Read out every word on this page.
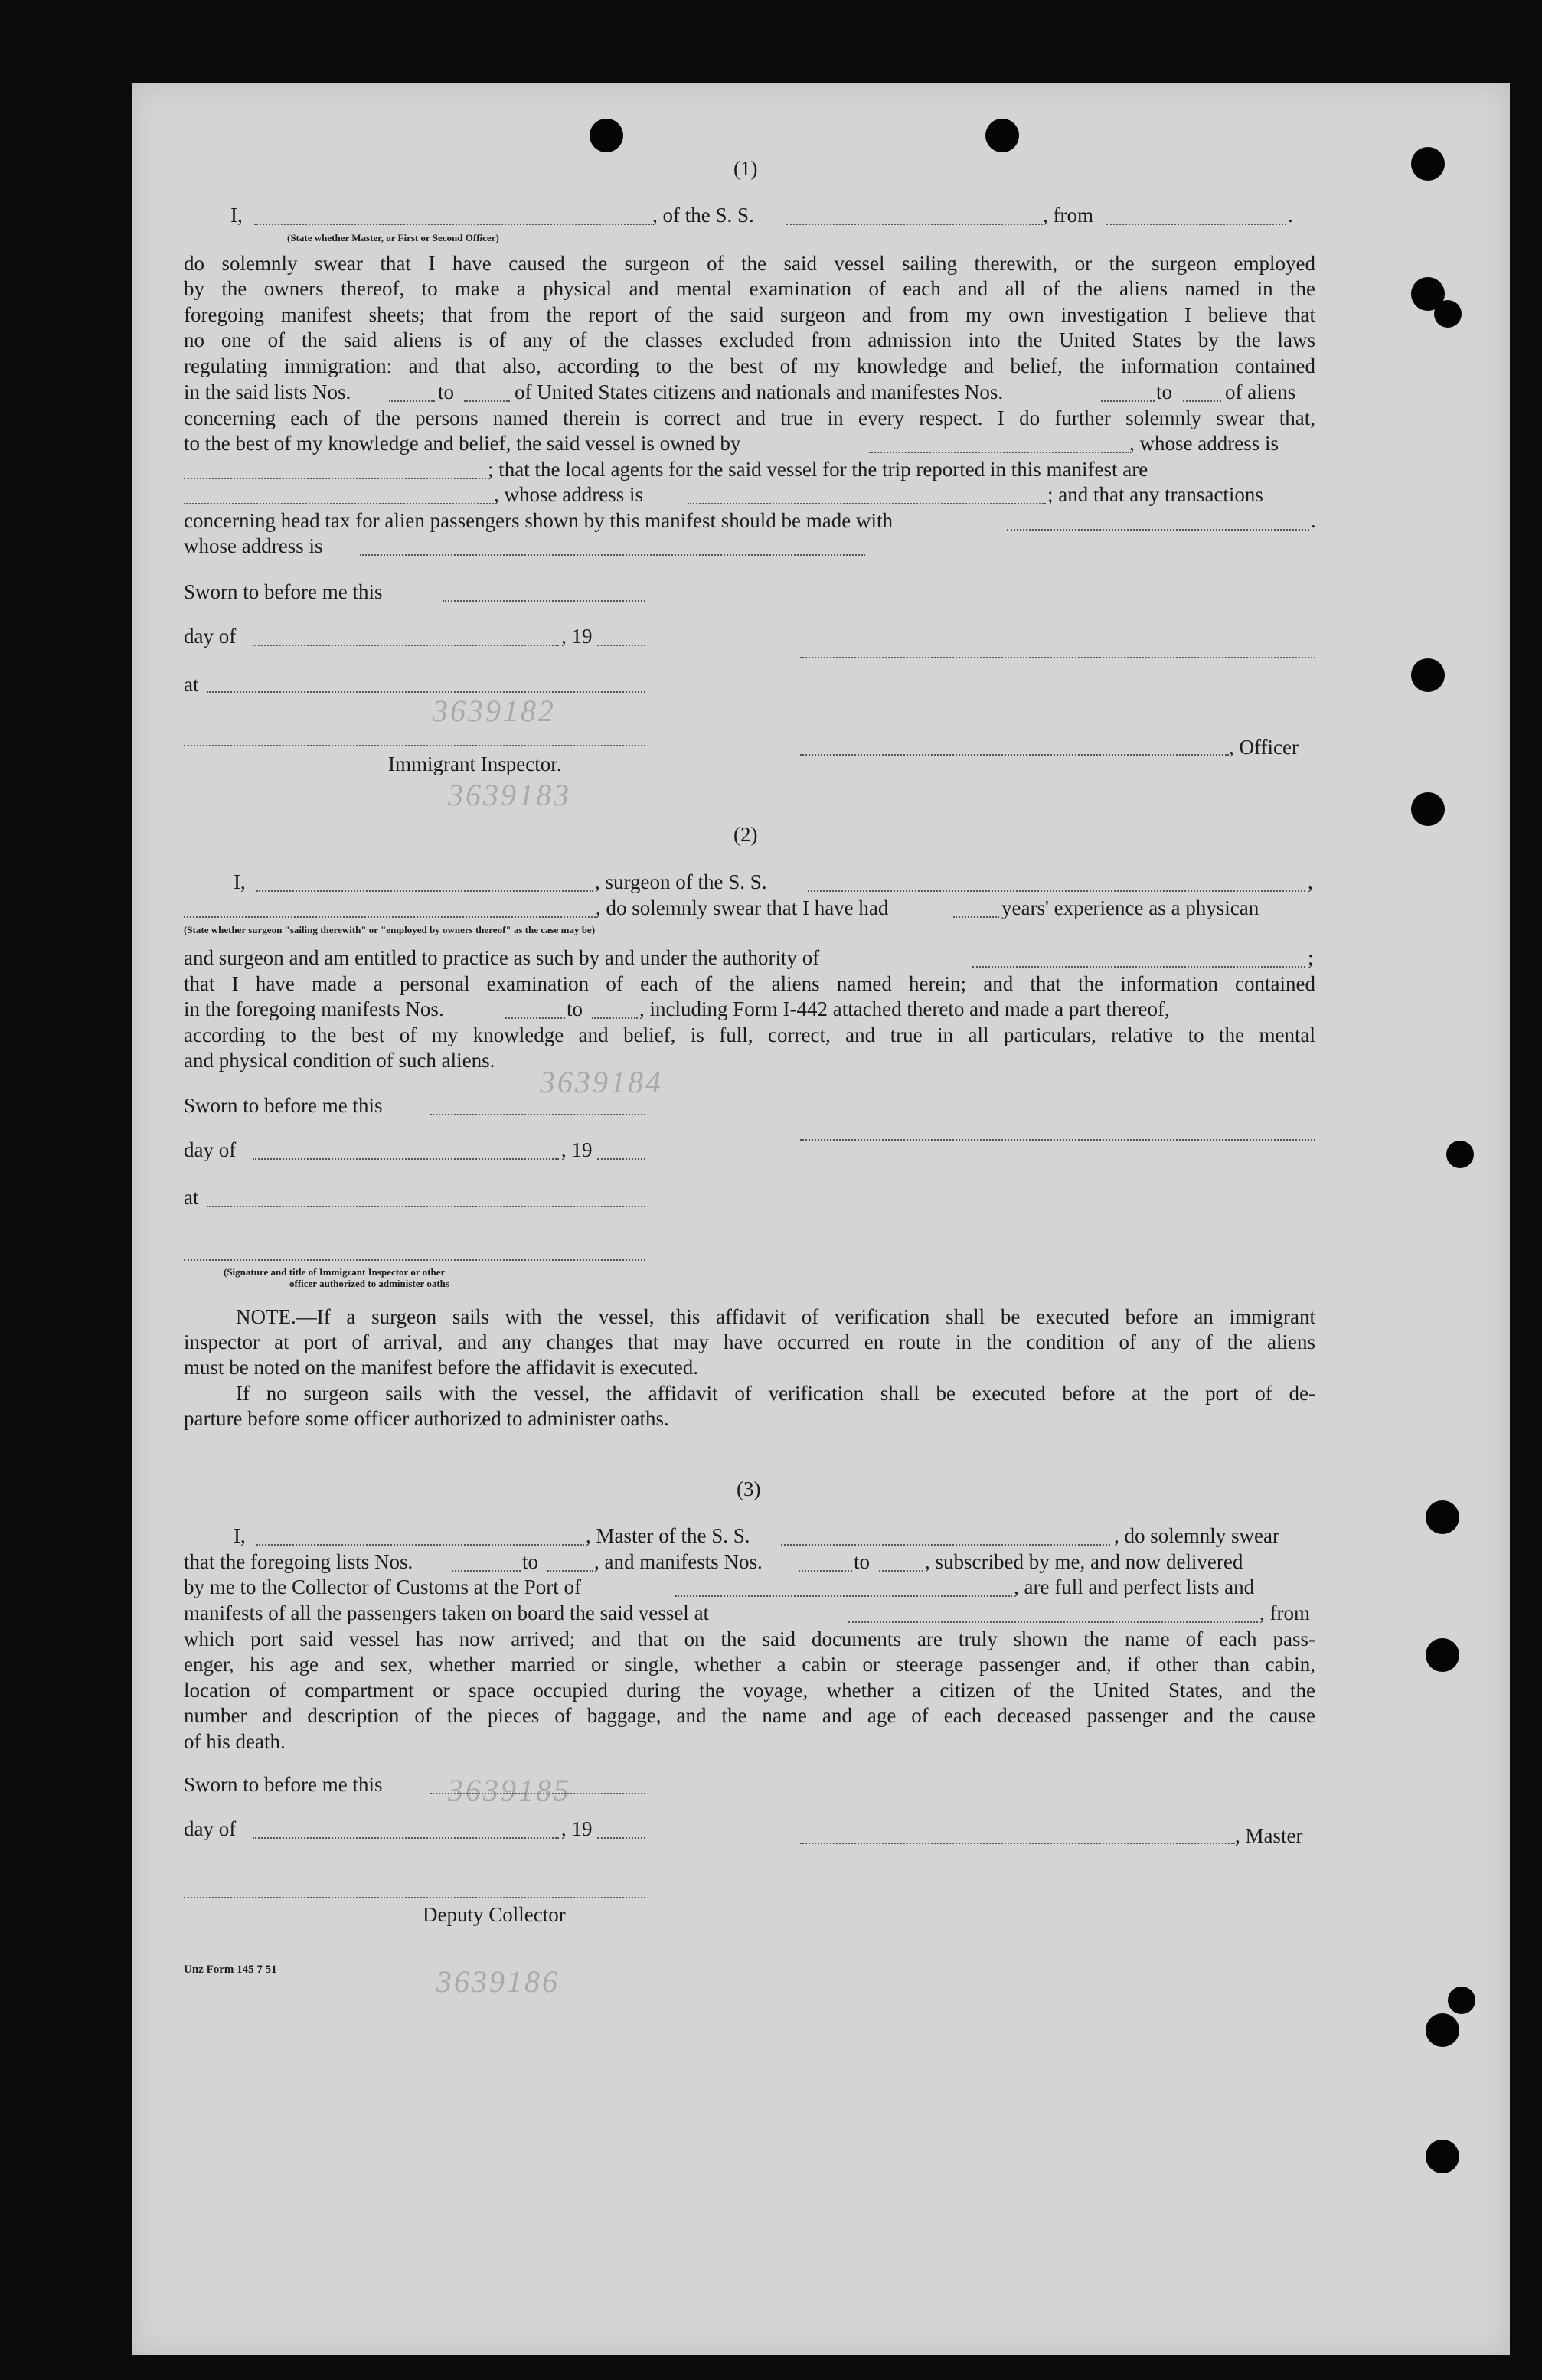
3639182
3639183
3639184
3639185
3639186
(1)
I,	, of the S. S.	, from	.
(State whether Master, or First or Second Officer)
do solemnly swear that I have caused the surgeon of the said vessel sailing therewith, or the surgeon employed
by the owners thereof, to make a physical and mental examination of each and all of the aliens named in the
foregoing manifest sheets; that from the report of the said surgeon and from my own investigation I believe that
no one of the said aliens is of any of the classes excluded from admission into the United States by the laws
regulating immigration: and that also, according to the best of my knowledge and belief, the information contained
in the said lists Nos.	to	of United States citizens and nationals and manifestes Nos.	to	of aliens
concerning each of the persons named therein is correct and true in every respect. I do further solemnly swear that,
to the best of my knowledge and belief, the said vessel is owned by	, whose address is
; that the local agents for the said vessel for the trip reported in this manifest are
, whose address is	; and that any transactions
concerning head tax for alien passengers shown by this manifest should be made with	.
whose address is
Sworn to before me this
day of	, 19
at
, Officer
Immigrant Inspector.
(2)
I,	, surgeon of the S. S.	,
, do solemnly swear that I have had	years' experience as a physican
(State whether surgeon "sailing therewith" or "employed by owners thereof" as the case may be)
and surgeon and am entitled to practice as such by and under the authority of	;
that I have made a personal examination of each of the aliens named herein; and that the information contained
in the foregoing manifests Nos.	to	, including Form I-442 attached thereto and made a part thereof,
according to the best of my knowledge and belief, is full, correct, and true in all particulars, relative to the mental
and physical condition of such aliens.
Sworn to before me this
day of	, 19
at
(Signature and title of Immigrant Inspector or other
officer authorized to administer oaths
NOTE.—If a surgeon sails with the vessel, this affidavit of verification shall be executed before an immigrant
inspector at port of arrival, and any changes that may have occurred en route in the condition of any of the aliens
must be noted on the manifest before the affidavit is executed.
If no surgeon sails with the vessel, the affidavit of verification shall be executed before at the port of de-
parture before some officer authorized to administer oaths.
(3)
I,	, Master of the S. S.	, do solemnly swear
that the foregoing lists Nos.	to	, and manifests Nos.	to	, subscribed by me, and now delivered
by me to the Collector of Customs at the Port of	, are full and perfect lists and
manifests of all the passengers taken on board the said vessel at	, from
which port said vessel has now arrived; and that on the said documents are truly shown the name of each pass-
enger, his age and sex, whether married or single, whether a cabin or steerage passenger and, if other than cabin,
location of compartment or space occupied during the voyage, whether a citizen of the United States, and the
number and description of the pieces of baggage, and the name and age of each deceased passenger and the cause
of his death.
Sworn to before me this
day of	, 19	, Master
Deputy Collector
Unz Form 145 7 51
